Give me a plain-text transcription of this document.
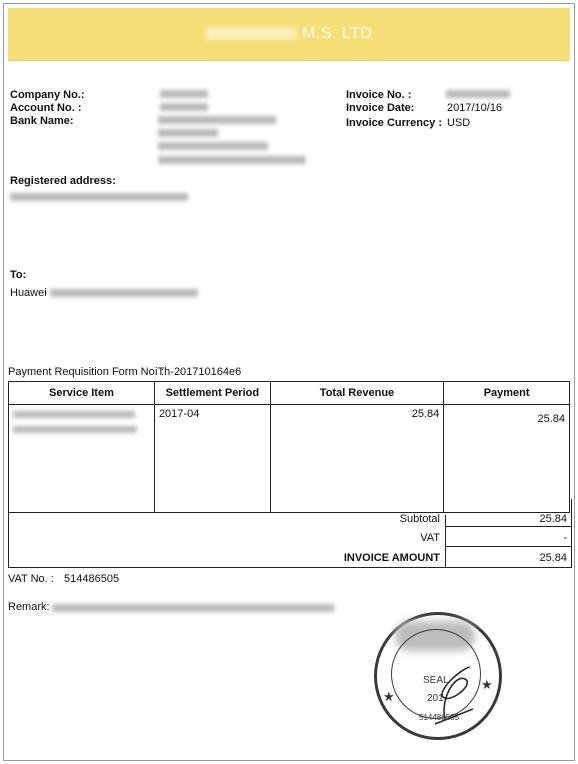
M.S. LTD
Company No.:
Account No. :
Bank Name:
Invoice No. :
Invoice Date:	2017/10/16
Invoice Currency : USD
Registered address:
To:
Huawei
Payment Requisition Form No. :
iTh-201710164e6
Service Item	Settlement Period	Total Revenue	Payment

	2017-04	25.84	25.84
Subtotal	25.84
VAT	-
INVOICE AMOUNT	25.84
VAT No. : 514486505
Remark:
★
★
SEAL
201
514486505
